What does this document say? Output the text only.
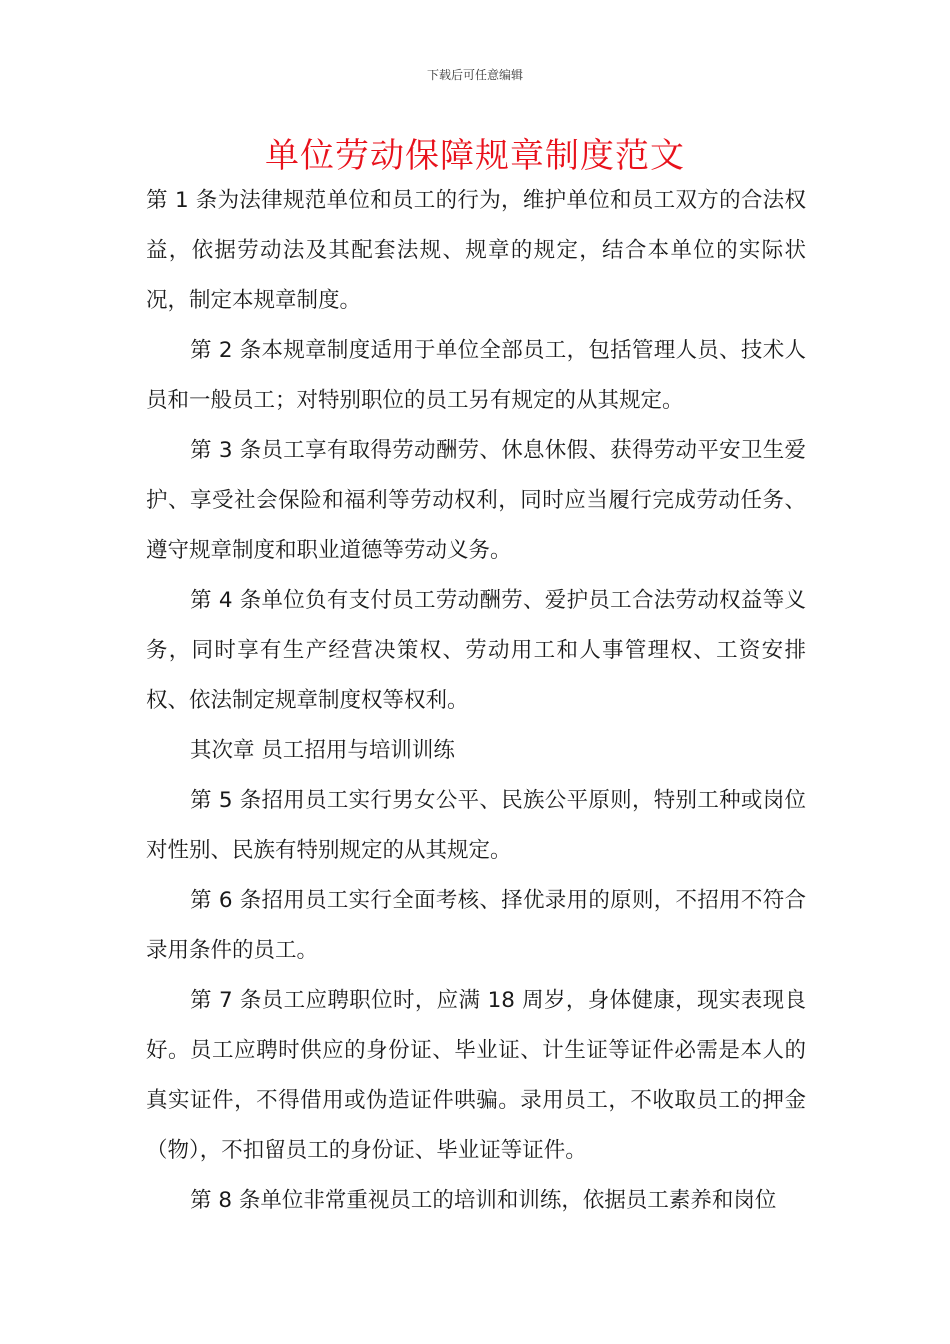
下载后可任意编辑
单位劳动保障规章制度范文

第 1 条为法律规范单位和员工的行为，维护单位和员工双方的合法权益，依据劳动法及其配套法规、规章的规定，结合本单位的实际状况，制定本规章制度。

第 2 条本规章制度适用于单位全部员工，包括管理人员、技术人员和一般员工；对特别职位的员工另有规定的从其规定。

第 3 条员工享有取得劳动酬劳、休息休假、获得劳动平安卫生爱护、享受社会保险和福利等劳动权利，同时应当履行完成劳动任务、遵守规章制度和职业道德等劳动义务。

第 4 条单位负有支付员工劳动酬劳、爱护员工合法劳动权益等义务，同时享有生产经营决策权、劳动用工和人事管理权、工资安排权、依法制定规章制度权等权利。

其次章 员工招用与培训训练

第 5 条招用员工实行男女公平、民族公平原则，特别工种或岗位对性别、民族有特别规定的从其规定。

第 6 条招用员工实行全面考核、择优录用的原则，不招用不符合录用条件的员工。

第 7 条员工应聘职位时，应满 18 周岁，身体健康，现实表现良好。员工应聘时供应的身份证、毕业证、计生证等证件必需是本人的真实证件，不得借用或伪造证件哄骗。录用员工，不收取员工的押金（物），不扣留员工的身份证、毕业证等证件。

第 8 条单位非常重视员工的培训和训练，依据员工素养和岗位
